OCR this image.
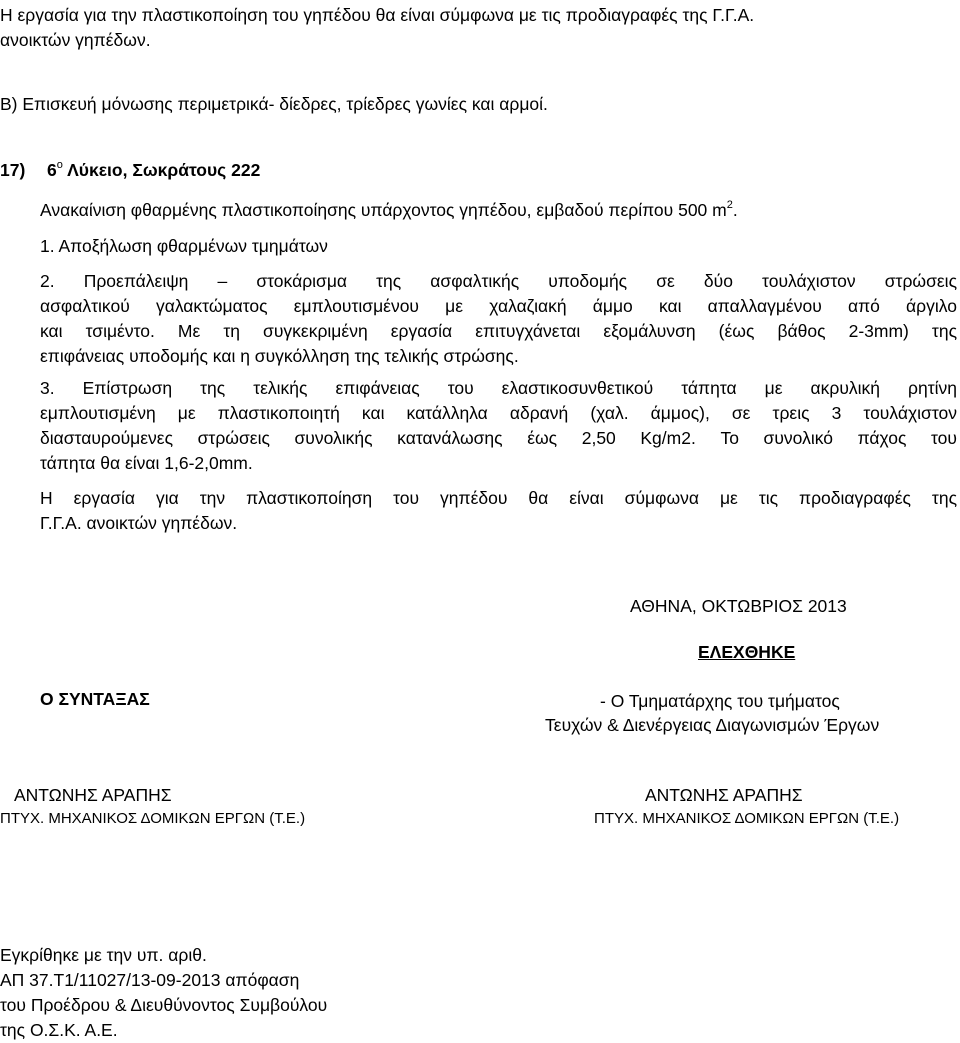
Η εργασία για την πλαστικοποίηση του γηπέδου θα είναι σύμφωνα με τις προδιαγραφές της Γ.Γ.Α.
ανοικτών γηπέδων.
Β) Επισκευή μόνωσης περιμετρικά- δίεδρες, τρίεδρες γωνίες και αρμοί.
17) $6^o$ Λύκειο, Σωκράτους 222
Ανακαίνιση φθαρμένης πλαστικοποίησης υπάρχοντος γηπέδου, εμβαδού περίπου 500 $m^2$.
1. Αποξήλωση φθαρμένων τμημάτων
2. Προεπάλειψη – στοκάρισμα της ασφαλτικής υποδομής σε δύο τουλάχιστον στρώσεις
ασφαλτικού γαλακτώματος εμπλουτισμένου με χαλαζιακή άμμο και απαλλαγμένου από άργιλο
και τσιμέντο. Με τη συγκεκριμένη εργασία επιτυγχάνεται εξομάλυνση (έως βάθος 2-3mm) της
επιφάνειας υποδομής και η συγκόλληση της τελικής στρώσης.
3. Επίστρωση της τελικής επιφάνειας του ελαστικοσυνθετικού τάπητα με ακρυλική ρητίνη
εμπλουτισμένη με πλαστικοποιητή και κατάλληλα αδρανή (χαλ. άμμος), σε τρεις 3 τουλάχιστον
διασταυρούμενες στρώσεις συνολικής κατανάλωσης έως 2,50 Kg/m2. Το συνολικό πάχος του
τάπητα θα είναι 1,6-2,0mm.
Η εργασία για την πλαστικοποίηση του γηπέδου θα είναι σύμφωνα με τις προδιαγραφές της
Γ.Γ.Α. ανοικτών γηπέδων.
ΑΘΗΝΑ, ΟΚΤΩΒΡΙΟΣ 2013
ΕΛΕΧΘΗΚΕ
Ο ΣΥΝΤΑΞΑΣ	- Ο Τμηματάρχης του τμήματος
Τευχών & Διενέργειας Διαγωνισμών Έργων
ΑΝΤΩΝΗΣ ΑΡΑΠΗΣ
ΠΤΥΧ. ΜΗΧΑΝΙΚΟΣ ΔΟΜΙΚΩΝ ΕΡΓΩΝ (Τ.Ε.)
ΑΝΤΩΝΗΣ ΑΡΑΠΗΣ
ΠΤΥΧ. ΜΗΧΑΝΙΚΟΣ ΔΟΜΙΚΩΝ ΕΡΓΩΝ (Τ.Ε.)
Εγκρίθηκε με την υπ. αριθ.
ΑΠ 37.Τ1/11027/13-09-2013 απόφαση
του Προέδρου & Διευθύνοντος Συμβούλου
της Ο.Σ.Κ. Α.Ε.
